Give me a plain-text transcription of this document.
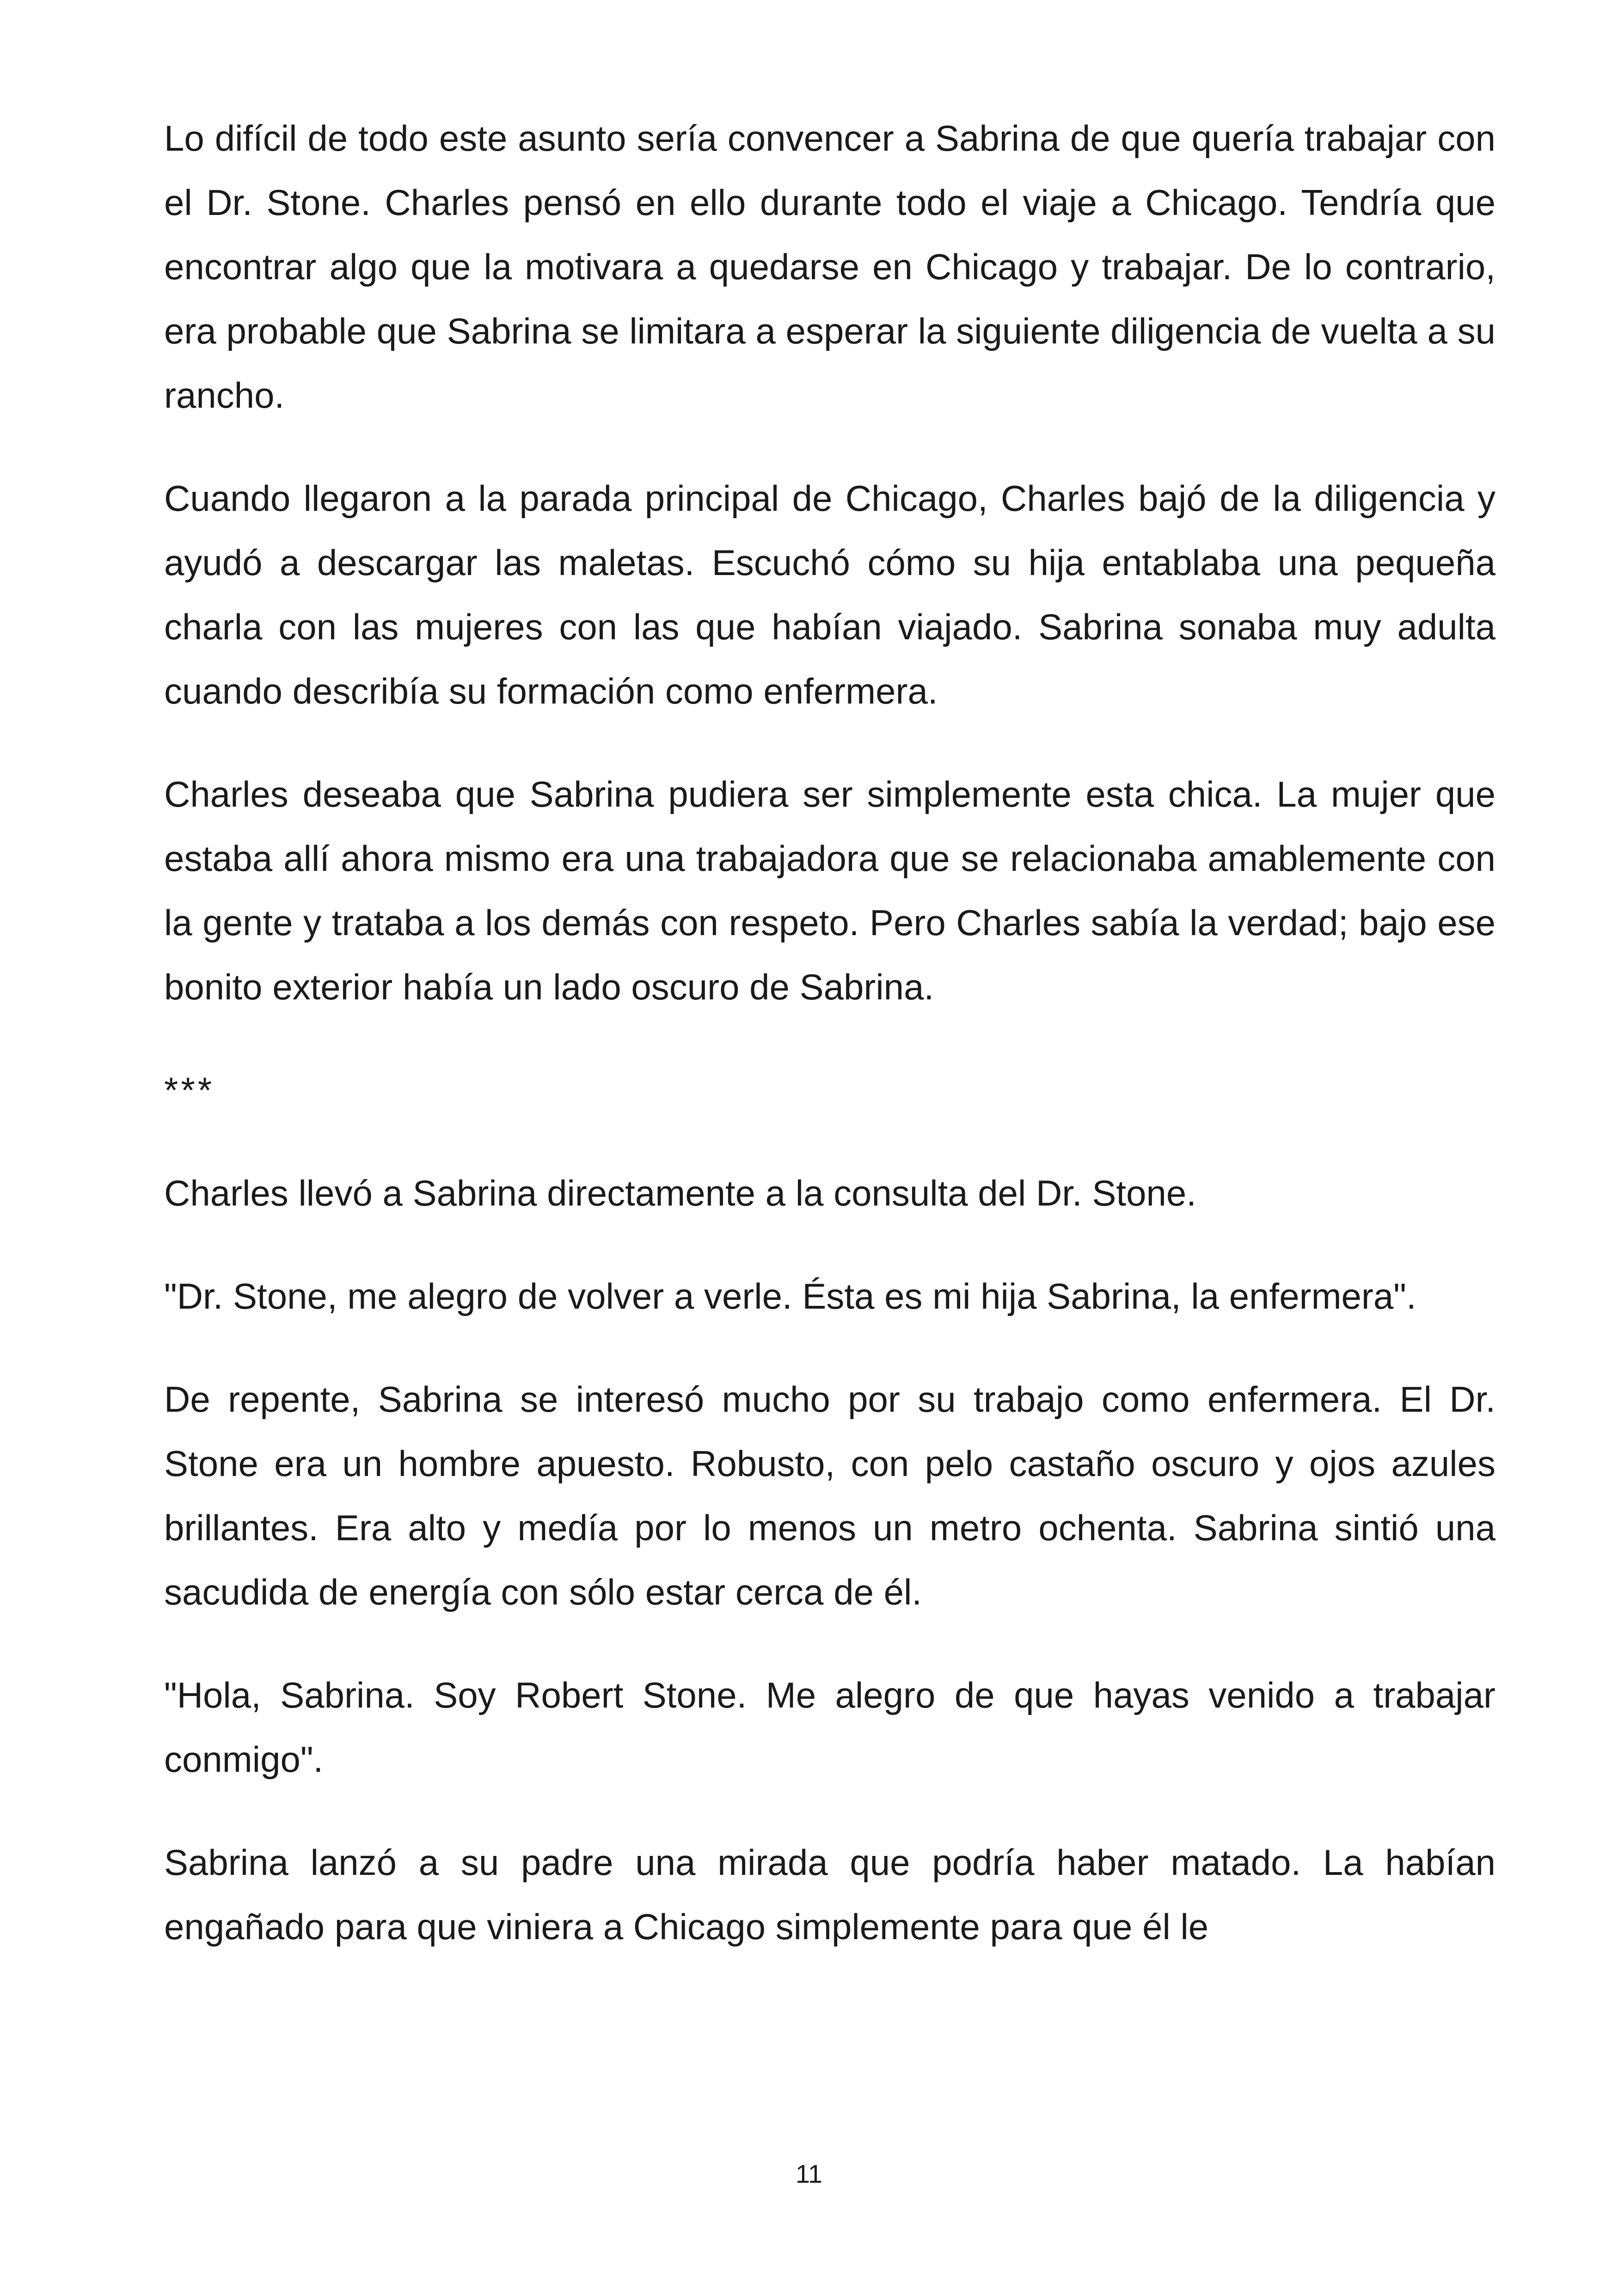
Lo difícil de todo este asunto sería convencer a Sabrina de que quería trabajar con el Dr. Stone. Charles pensó en ello durante todo el viaje a Chicago. Tendría que encontrar algo que la motivara a quedarse en Chicago y trabajar. De lo contrario, era probable que Sabrina se limitara a esperar la siguiente diligencia de vuelta a su rancho.

Cuando llegaron a la parada principal de Chicago, Charles bajó de la diligencia y ayudó a descargar las maletas. Escuchó cómo su hija entablaba una pequeña charla con las mujeres con las que habían viajado. Sabrina sonaba muy adulta cuando describía su formación como enfermera.

Charles deseaba que Sabrina pudiera ser simplemente esta chica. La mujer que estaba allí ahora mismo era una trabajadora que se relacionaba amablemente con la gente y trataba a los demás con respeto. Pero Charles sabía la verdad; bajo ese bonito exterior había un lado oscuro de Sabrina.

***

Charles llevó a Sabrina directamente a la consulta del Dr. Stone.

"Dr. Stone, me alegro de volver a verle. Ésta es mi hija Sabrina, la enfermera".

De repente, Sabrina se interesó mucho por su trabajo como enfermera. El Dr. Stone era un hombre apuesto. Robusto, con pelo castaño oscuro y ojos azules brillantes. Era alto y medía por lo menos un metro ochenta. Sabrina sintió una sacudida de energía con sólo estar cerca de él.

"Hola, Sabrina. Soy Robert Stone. Me alegro de que hayas venido a trabajar conmigo".

Sabrina lanzó a su padre una mirada que podría haber matado. La habían engañado para que viniera a Chicago simplemente para que él le

11
